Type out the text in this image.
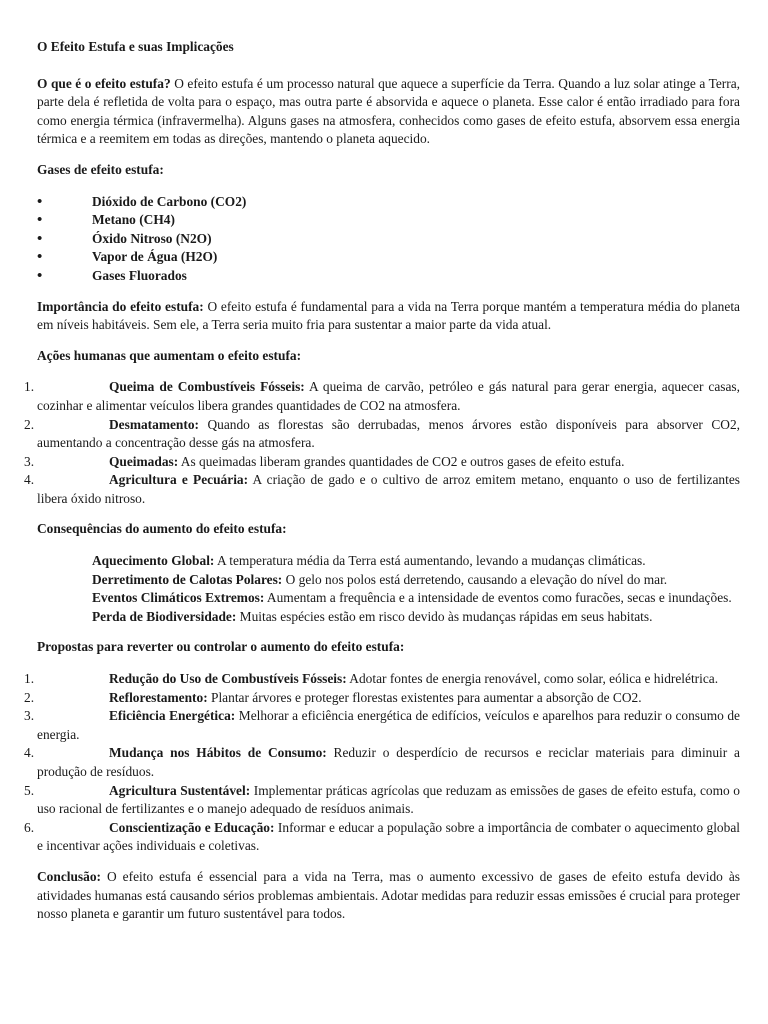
O Efeito Estufa e suas Implicações

O que é o efeito estufa? O efeito estufa é um processo natural que aquece a superfície da Terra. Quando a luz solar atinge a Terra, parte dela é refletida de volta para o espaço, mas outra parte é absorvida e aquece o planeta. Esse calor é então irradiado para fora como energia térmica (infravermelha). Alguns gases na atmosfera, conhecidos como gases de efeito estufa, absorvem essa energia térmica e a reemitem em todas as direções, mantendo o planeta aquecido.

Gases de efeito estufa:
• Dióxido de Carbono (CO2)
• Metano (CH4)
• Óxido Nitroso (N2O)
• Vapor de Água (H2O)
• Gases Fluorados

Importância do efeito estufa: O efeito estufa é fundamental para a vida na Terra porque mantém a temperatura média do planeta em níveis habitáveis. Sem ele, a Terra seria muito fria para sustentar a maior parte da vida atual.

Ações humanas que aumentam o efeito estufa:
1.	Queima de Combustíveis Fósseis: A queima de carvão, petróleo e gás natural para gerar energia, aquecer casas, cozinhar e alimentar veículos libera grandes quantidades de CO2 na atmosfera.
2.	Desmatamento: Quando as florestas são derrubadas, menos árvores estão disponíveis para absorver CO2, aumentando a concentração desse gás na atmosfera.
3.	Queimadas: As queimadas liberam grandes quantidades de CO2 e outros gases de efeito estufa.
4.	Agricultura e Pecuária: A criação de gado e o cultivo de arroz emitem metano, enquanto o uso de fertilizantes libera óxido nitroso.
Consequências do aumento do efeito estufa:
• Aquecimento Global: A temperatura média da Terra está aumentando, levando a mudanças climáticas.
• Derretimento de Calotas Polares: O gelo nos polos está derretendo, causando a elevação do nível do mar.
• Eventos Climáticos Extremos: Aumentam a frequência e a intensidade de eventos como furacões, secas e inundações.
• Perda de Biodiversidade: Muitas espécies estão em risco devido às mudanças rápidas em seus habitats.
Propostas para reverter ou controlar o aumento do efeito estufa:
1.	Redução do Uso de Combustíveis Fósseis: Adotar fontes de energia renovável, como solar, eólica e hidrelétrica.
2.	Reflorestamento: Plantar árvores e proteger florestas existentes para aumentar a absorção de CO2.
3.	Eficiência Energética: Melhorar a eficiência energética de edifícios, veículos e aparelhos para reduzir o consumo de energia.
4.	Mudança nos Hábitos de Consumo: Reduzir o desperdício de recursos e reciclar materiais para diminuir a produção de resíduos.
5.	Agricultura Sustentável: Implementar práticas agrícolas que reduzam as emissões de gases de efeito estufa, como o uso racional de fertilizantes e o manejo adequado de resíduos animais.
6.	Conscientização e Educação: Informar e educar a população sobre a importância de combater o aquecimento global e incentivar ações individuais e coletivas.

Conclusão: O efeito estufa é essencial para a vida na Terra, mas o aumento excessivo de gases de efeito estufa devido às atividades humanas está causando sérios problemas ambientais. Adotar medidas para reduzir essas emissões é crucial para proteger nosso planeta e garantir um futuro sustentável para todos.
